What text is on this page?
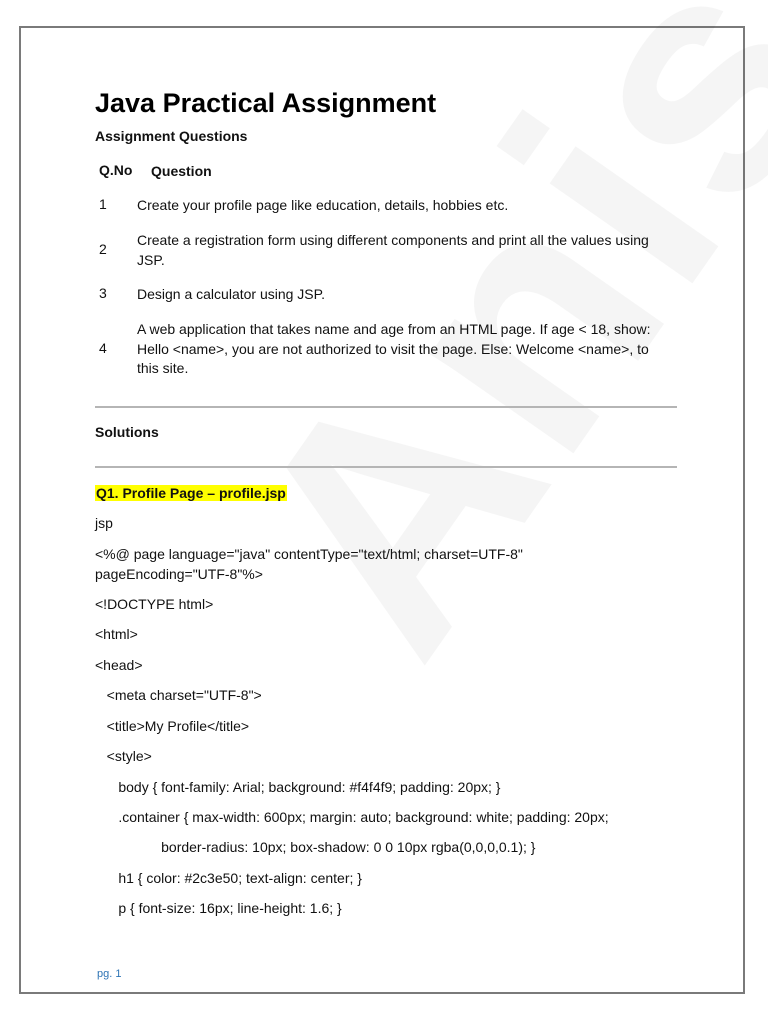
Java Practical Assignment
Assignment Questions
Q.No Question
1 Create your profile page like education, details, hobbies etc.
2
Create a registration form using different components and print all the values using JSP.
3 Design a calculator using JSP.
4
A web application that takes name and age from an HTML page. If age < 18, show: Hello <name>, you are not authorized to visit the page. Else: Welcome <name>, to this site.
Solutions
Q1. Profile Page – profile.jsp
jsp
<%@ page language="java" contentType="text/html; charset=UTF-8"
pageEncoding="UTF-8"%>
<!DOCTYPE html>
<html>
<head>
<meta charset="UTF-8">
<title>My Profile</title>
<style>
body { font-family: Arial; background: #f4f4f9; padding: 20px; }
.container { max-width: 600px; margin: auto; background: white; padding: 20px;
border-radius: 10px; box-shadow: 0 0 10px rgba(0,0,0,0.1); }
h1 { color: #2c3e50; text-align: center; }
p { font-size: 16px; line-height: 1.6; }
pg. 1
